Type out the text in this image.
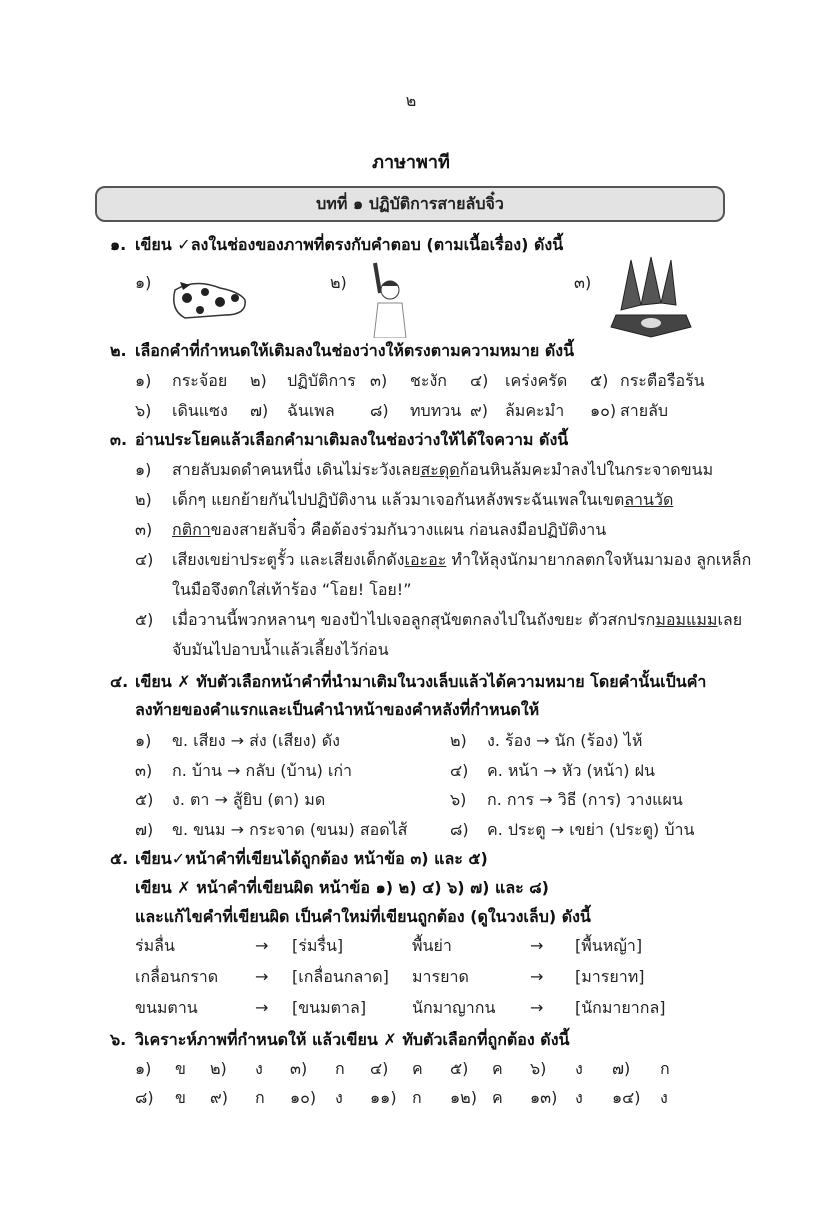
๒
ภาษาพาที
บทที่ ๑ ปฏิบัติการสายลับจิ๋ว
๑. เขียน ✓ลงในช่องของภาพที่ตรงกับคำตอบ (ตามเนื้อเรื่อง) ดังนี้
๑)	๒)	๓)
๒. เลือกคำที่กำหนดให้เติมลงในช่องว่างให้ตรงตามความหมาย ดังนี้
๑) กระจ้อย ๒) ปฏิบัติการ ๓) ชะงัก ๔) เคร่งครัด ๕) กระตือรือร้น
๖) เดินแซง ๗) ฉันเพล ๘) ทบทวน ๙) ล้มคะมำ ๑๐) สายลับ
๓. อ่านประโยคแล้วเลือกคำมาเติมลงในช่องว่างให้ได้ใจความ ดังนี้
๑) สายลับมดดำคนหนึ่ง เดินไม่ระวังเลยสะดุดก้อนหินล้มคะมำลงไปในกระจาดขนม
๒) เด็กๆ แยกย้ายกันไปปฏิบัติงาน แล้วมาเจอกันหลังพระฉันเพลในเขตลานวัด
๓) กติกาของสายลับจิ๋ว คือต้องร่วมกันวางแผน ก่อนลงมือปฏิบัติงาน
๔) เสียงเขย่าประตูรั้ว และเสียงเด็กดังเอะอะ ทำให้ลุงนักมายากลตกใจหันมามอง ลูกเหล็ก
ในมือจึงตกใส่เท้าร้อง “โอย! โอย!”
๕) เมื่อวานนี้พวกหลานๆ ของป้าไปเจอลูกสุนัขตกลงไปในถังขยะ ตัวสกปรกมอมแมมเลย
จับมันไปอาบน้ำแล้วเลี้ยงไว้ก่อน
๔. เขียน ✗ ทับตัวเลือกหน้าคำที่นำมาเติมในวงเล็บแล้วได้ความหมาย โดยคำนั้นเป็นคำ
ลงท้ายของคำแรกและเป็นคำนำหน้าของคำหลังที่กำหนดให้
๑) ข. เสียง → ส่ง (เสียง) ดัง	๒) ง. ร้อง → นัก (ร้อง) ไห้
๓) ก. บ้าน → กลับ (บ้าน) เก่า	๔) ค. หน้า → หัว (หน้า) ฝน
๕) ง. ตา → สู้ยิบ (ตา) มด	๖) ก. การ → วิธี (การ) วางแผน
๗) ข. ขนม → กระจาด (ขนม) สอดไส้	๘) ค. ประตู → เขย่า (ประตู) บ้าน
๕. เขียน✓หน้าคำที่เขียนได้ถูกต้อง หน้าข้อ ๓) และ ๕)
เขียน ✗ หน้าคำที่เขียนผิด หน้าข้อ ๑) ๒) ๔) ๖) ๗) และ ๘)
และแก้ไขคำที่เขียนผิด เป็นคำใหม่ที่เขียนถูกต้อง (ดูในวงเล็บ) ดังนี้
ร่มลื่น	→ [ร่มรื่น]	พื้นย่า	→ [พื้นหญ้า]
เกลื่อนกราด → [เกลื่อนกลาด] มารยาด	→ [มารยาท]
ขนมตาน	→ [ขนมตาล]	นักมาญากน → [นักมายากล]
๖. วิเคราะห์ภาพที่กำหนดให้ แล้วเขียน ✗ ทับตัวเลือกที่ถูกต้อง ดังนี้
๑) ข ๒) ง ๓) ก ๔) ค ๕) ค ๖) ง ๗) ก
๘) ข ๙) ก ๑๐) ง ๑๑) ก ๑๒) ค ๑๓) ง ๑๔) ง
